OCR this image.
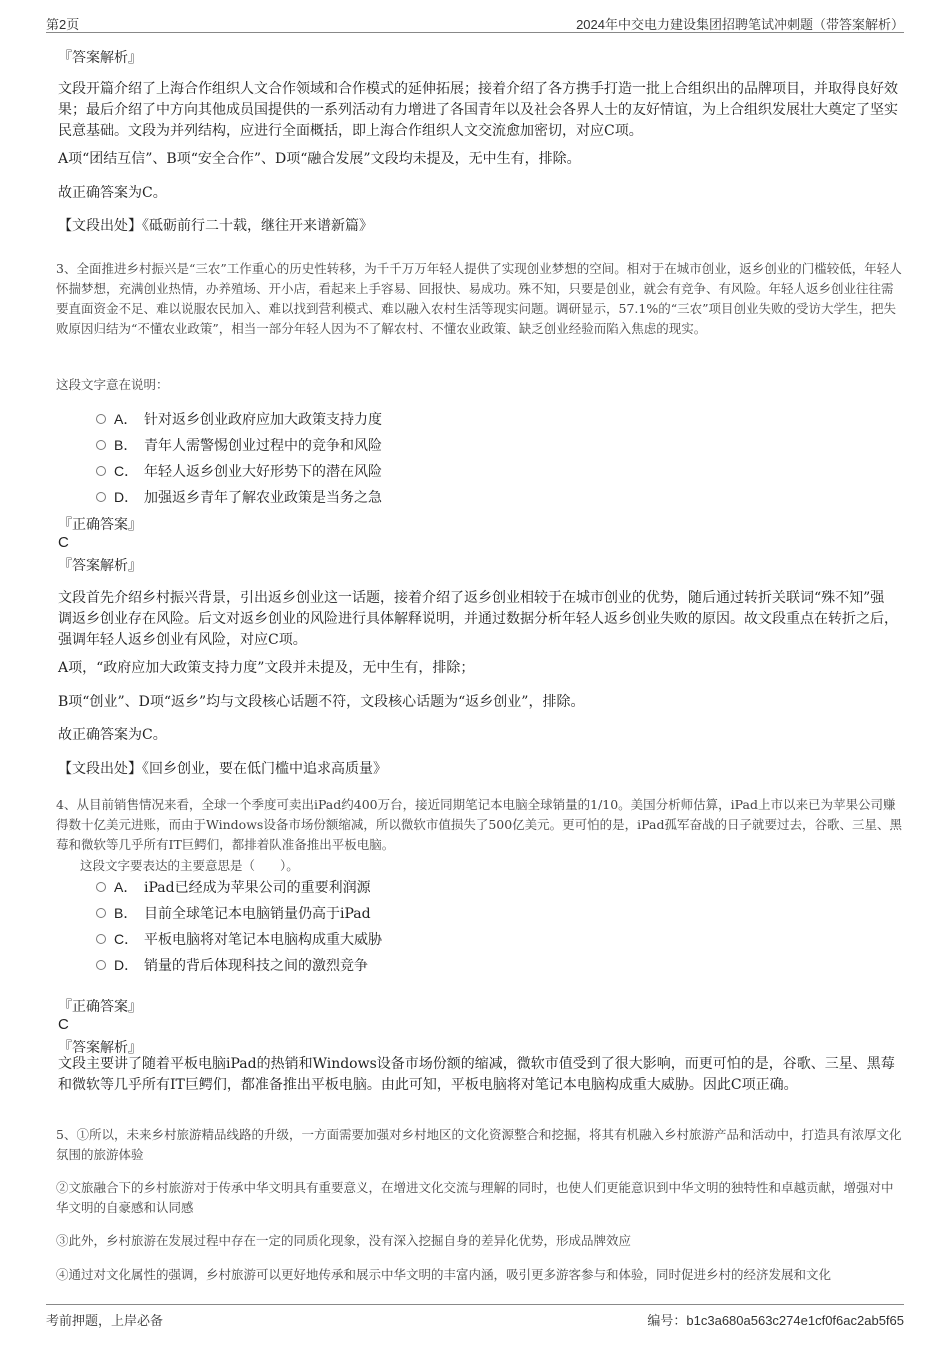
第2页	2024年中交电力建设集团招聘笔试冲刺题（带答案解析）
『答案解析』
文段开篇介绍了上海合作组织人文合作领域和合作模式的延伸拓展；接着介绍了各方携手打造一批上合组织出的品牌项目，并取得良好效果；最后介绍了中方向其他成员国提供的一系列活动有力增进了各国青年以及社会各界人士的友好情谊，为上合组织发展壮大奠定了坚实民意基础。文段为并列结构，应进行全面概括，即上海合作组织人文交流愈加密切，对应C项。
A项“团结互信”、B项“安全合作”、D项“融合发展”文段均未提及，无中生有，排除。
故正确答案为C。
【文段出处】《砥砺前行二十载，继往开来谱新篇》
3、全面推进乡村振兴是“三农”工作重心的历史性转移，为千千万万年轻人提供了实现创业梦想的空间。相对于在城市创业，返乡创业的门槛较低，年轻人怀揣梦想，充满创业热情，办养殖场、开小店，看起来上手容易、回报快、易成功。殊不知，只要是创业，就会有竞争、有风险。年轻人返乡创业往往需要直面资金不足、难以说服农民加入、难以找到营利模式、难以融入农村生活等现实问题。调研显示，57.1%的“三农”项目创业失败的受访大学生，把失败原因归结为“不懂农业政策”，相当一部分年轻人因为不了解农村、不懂农业政策、缺乏创业经验而陷入焦虑的现实。
这段文字意在说明：
A． 针对返乡创业政府应加大政策支持力度
B． 青年人需警惕创业过程中的竞争和风险
C． 年轻人返乡创业大好形势下的潜在风险
D． 加强返乡青年了解农业政策是当务之急
『正确答案』
C
『答案解析』
文段首先介绍乡村振兴背景，引出返乡创业这一话题，接着介绍了返乡创业相较于在城市创业的优势，随后通过转折关联词“殊不知”强调返乡创业存在风险。后文对返乡创业的风险进行具体解释说明，并通过数据分析年轻人返乡创业失败的原因。故文段重点在转折之后，强调年轻人返乡创业有风险，对应C项。
A项，“政府应加大政策支持力度”文段并未提及，无中生有，排除；
B项“创业”、D项“返乡”均与文段核心话题不符，文段核心话题为“返乡创业”，排除。
故正确答案为C。
【文段出处】《回乡创业，要在低门槛中追求高质量》
4、从目前销售情况来看，全球一个季度可卖出iPad约400万台，接近同期笔记本电脑全球销量的1/10。美国分析师估算，iPad上市以来已为苹果公司赚得数十亿美元进账，而由于Windows设备市场份额缩减，所以微软市值损失了500亿美元。更可怕的是，iPad孤军奋战的日子就要过去，谷歌、三星、黑莓和微软等几乎所有IT巨鳄们，都排着队准备推出平板电脑。
这段文字要表达的主要意思是（　　）。
A． iPad已经成为苹果公司的重要利润源
B． 目前全球笔记本电脑销量仍高于iPad
C． 平板电脑将对笔记本电脑构成重大威胁
D． 销量的背后体现科技之间的激烈竞争
『正确答案』
C
『答案解析』
文段主要讲了随着平板电脑iPad的热销和Windows设备市场份额的缩减，微软市值受到了很大影响，而更可怕的是，谷歌、三星、黑莓和微软等几乎所有IT巨鳄们，都准备推出平板电脑。由此可知，平板电脑将对笔记本电脑构成重大威胁。因此C项正确。
5、①所以，未来乡村旅游精品线路的升级，一方面需要加强对乡村地区的文化资源整合和挖掘，将其有机融入乡村旅游产品和活动中，打造具有浓厚文化氛围的旅游体验
②文旅融合下的乡村旅游对于传承中华文明具有重要意义，在增进文化交流与理解的同时，也使人们更能意识到中华文明的独特性和卓越贡献，增强对中华文明的自豪感和认同感
③此外，乡村旅游在发展过程中存在一定的同质化现象，没有深入挖掘自身的差异化优势，形成品牌效应
④通过对文化属性的强调，乡村旅游可以更好地传承和展示中华文明的丰富内涵，吸引更多游客参与和体验，同时促进乡村的经济发展和文化
考前押题，上岸必备	编号：b1c3a680a563c274e1cf0f6ac2ab5f65
